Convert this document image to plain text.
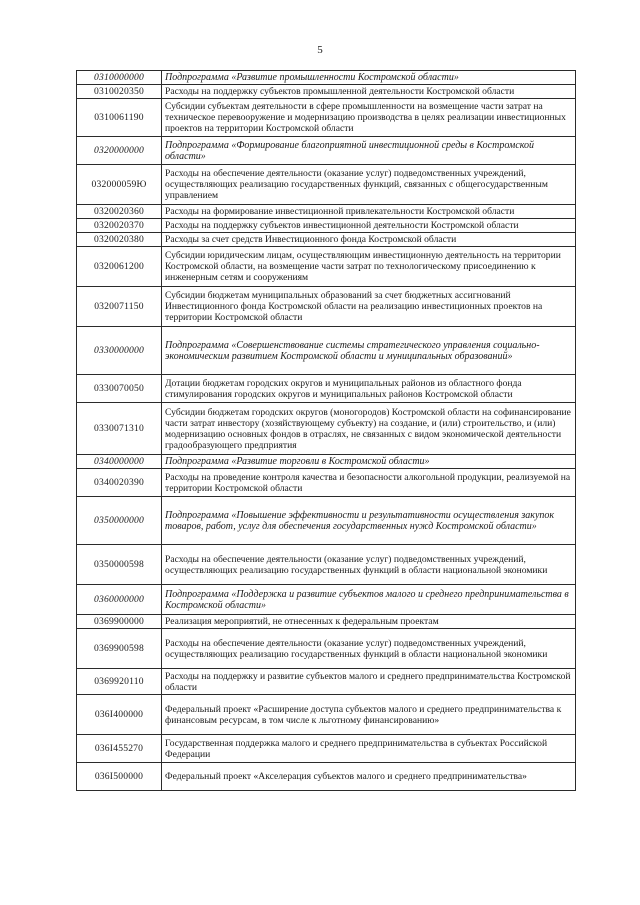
5
0310000000	Подпрограмма «Развитие промышленности Костромской области»
0310020350	Расходы на поддержку субъектов промышленной деятельности Костромской области
0310061190	Субсидии субъектам деятельности в сфере промышленности на возмещение части затрат на техническое перевооружение и модернизацию производства в целях реализации инвестиционных проектов на территории Костромской области
0320000000	Подпрограмма «Формирование благоприятной инвестиционной среды в Костромской области»
032000059Ю	Расходы на обеспечение деятельности (оказание услуг) подведомственных учреждений, осуществляющих реализацию государственных функций, связанных с общегосударственным управлением
0320020360	Расходы на формирование инвестиционной привлекательности Костромской области
0320020370	Расходы на поддержку субъектов инвестиционной деятельности Костромской области
0320020380	Расходы за счет средств Инвестиционного фонда Костромской области
0320061200	Субсидии юридическим лицам, осуществляющим инвестиционную деятельность на территории Костромской области, на возмещение части затрат по технологическому присоединению к инженерным сетям и сооружениям
0320071150	Субсидии бюджетам муниципальных образований за счет бюджетных ассигнований Инвестиционного фонда Костромской области на реализацию инвестиционных проектов на территории Костромской области
0330000000	Подпрограмма «Совершенствование системы стратегического управления социально-экономическим развитием Костромской области и муниципальных образований»
0330070050	Дотации бюджетам городских округов и муниципальных районов из областного фонда стимулирования городских округов и муниципальных районов Костромской области
0330071310	Субсидии бюджетам городских округов (моногородов) Костромской области на софинансирование части затрат инвестору (хозяйствующему субъекту) на создание, и (или) строительство, и (или) модернизацию основных фондов в отраслях, не связанных с видом экономической деятельности градообразующего предприятия
0340000000	Подпрограмма «Развитие торговли в Костромской области»
0340020390	Расходы на проведение контроля качества и безопасности алкогольной продукции, реализуемой на территории Костромской области
0350000000	Подпрограмма «Повышение эффективности и результативности осуществления закупок товаров, работ, услуг для обеспечения государственных нужд Костромской области»
0350000598	Расходы на обеспечение деятельности (оказание услуг) подведомственных учреждений, осуществляющих реализацию государственных функций в области национальной экономики
0360000000	Подпрограмма «Поддержка и развитие субъектов малого и среднего предпринимательства в Костромской области»
0369900000	Реализация мероприятий, не отнесенных к федеральным проектам
0369900598	Расходы на обеспечение деятельности (оказание услуг) подведомственных учреждений, осуществляющих реализацию государственных функций в области национальной экономики
0369920110	Расходы на поддержку и развитие субъектов малого и среднего предпринимательства Костромской области
036I400000	Федеральный проект «Расширение доступа субъектов малого и среднего предпринимательства к финансовым ресурсам, в том числе к льготному финансированию»
036I455270	Государственная поддержка малого и среднего предпринимательства в субъектах Российской Федерации
036I500000	Федеральный проект «Акселерация субъектов малого и среднего предпринимательства»
